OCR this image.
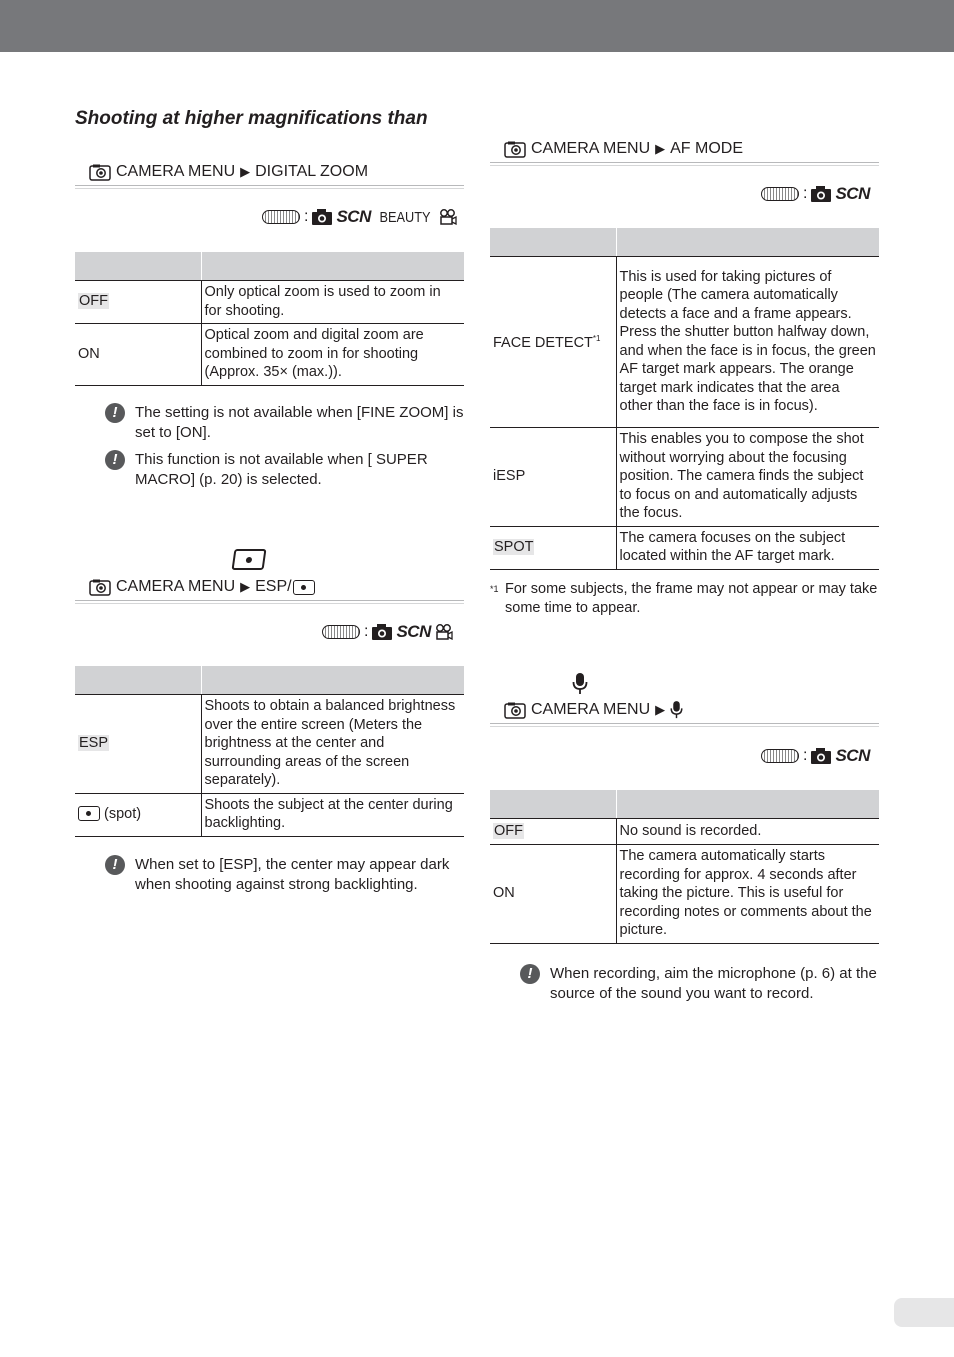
Shooting at higher magnifications than
CAMERA MENU ▶ DIGITAL ZOOM
: SCN BEAUTY

OFF	Only optical zoom is used to zoom in for shooting.
ON	Optical zoom and digital zoom are combined to zoom in for shooting (Approx. 35× (max.)).
!	The setting is not available when [FINE ZOOM] is set to [ON].
!	This function is not available when [ SUPER MACRO] (p. 20) is selected.
CAMERA MENU ▶ ESP/
: SCN

ESP	Shoots to obtain a balanced brightness over the entire screen (Meters the brightness at the center and surrounding areas of the screen separately).
(spot)	Shoots the subject at the center during backlighting.
!	When set to [ESP], the center may appear dark when shooting against strong backlighting.
CAMERA MENU ▶ AF MODE
: SCN

FACE DETECT$^{*1}$	This is used for taking pictures of people (The camera automatically detects a face and a frame appears. Press the shutter button halfway down, and when the face is in focus, the green AF target mark appears. The orange target mark indicates that the area other than the face is in focus).
iESP	This enables you to compose the shot without worrying about the focusing position. The camera finds the subject to focus on and automatically adjusts the focus.
SPOT	The camera focuses on the subject located within the AF target mark.
*1 For some subjects, the frame may not appear or may take some time to appear.
CAMERA MENU ▶
: SCN

OFF	No sound is recorded.
ON	The camera automatically starts recording for approx. 4 seconds after taking the picture. This is useful for recording notes or comments about the picture.
!	When recording, aim the microphone (p. 6) at the source of the sound you want to record.
